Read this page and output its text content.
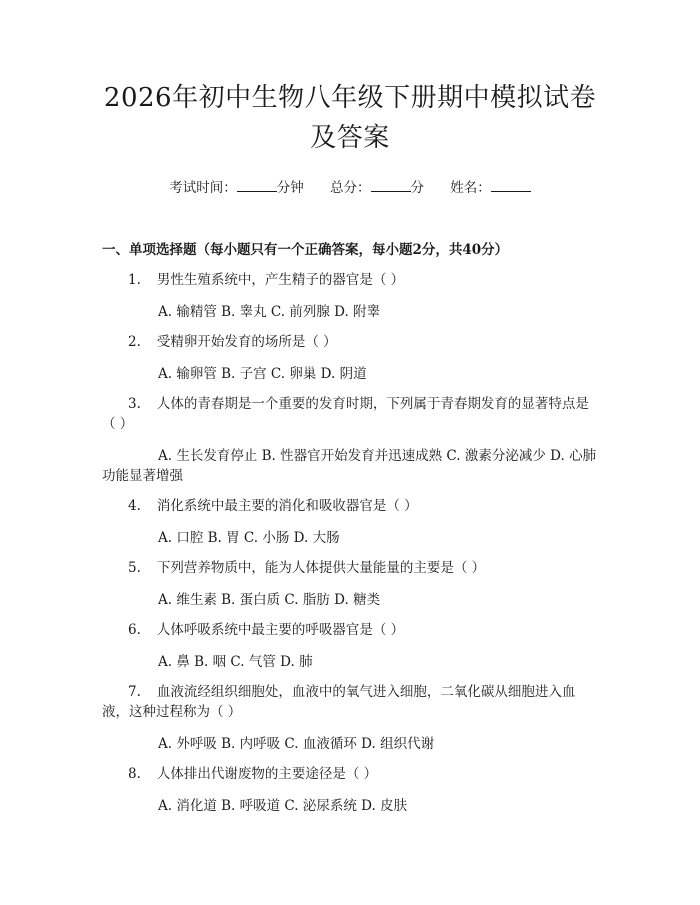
2026年初中生物八年级下册期中模拟试卷及答案
考试时间：	分钟 总分：	分 姓名：
一、单项选择题（每小题只有一个正确答案，每小题2分，共40分）
1. 男性生殖系统中，产生精子的器官是（ ）
A. 输精管 B. 睾丸 C. 前列腺 D. 附睾
2. 受精卵开始发育的场所是（ ）
A. 输卵管 B. 子宫 C. 卵巢 D. 阴道
3. 人体的青春期是一个重要的发育时期，下列属于青春期发育的显著特点是（ ）
A. 生长发育停止 B. 性器官开始发育并迅速成熟 C. 激素分泌减少 D. 心肺功能显著增强
4. 消化系统中最主要的消化和吸收器官是（ ）
A. 口腔 B. 胃 C. 小肠 D. 大肠
5. 下列营养物质中，能为人体提供大量能量的主要是（ ）
A. 维生素 B. 蛋白质 C. 脂肪 D. 糖类
6. 人体呼吸系统中最主要的呼吸器官是（ ）
A. 鼻 B. 咽 C. 气管 D. 肺
7. 血液流经组织细胞处，血液中的氧气进入细胞，二氧化碳从细胞进入血液，这种过程称为（ ）
A. 外呼吸 B. 内呼吸 C. 血液循环 D. 组织代谢
8. 人体排出代谢废物的主要途径是（ ）
A. 消化道 B. 呼吸道 C. 泌尿系统 D. 皮肤
